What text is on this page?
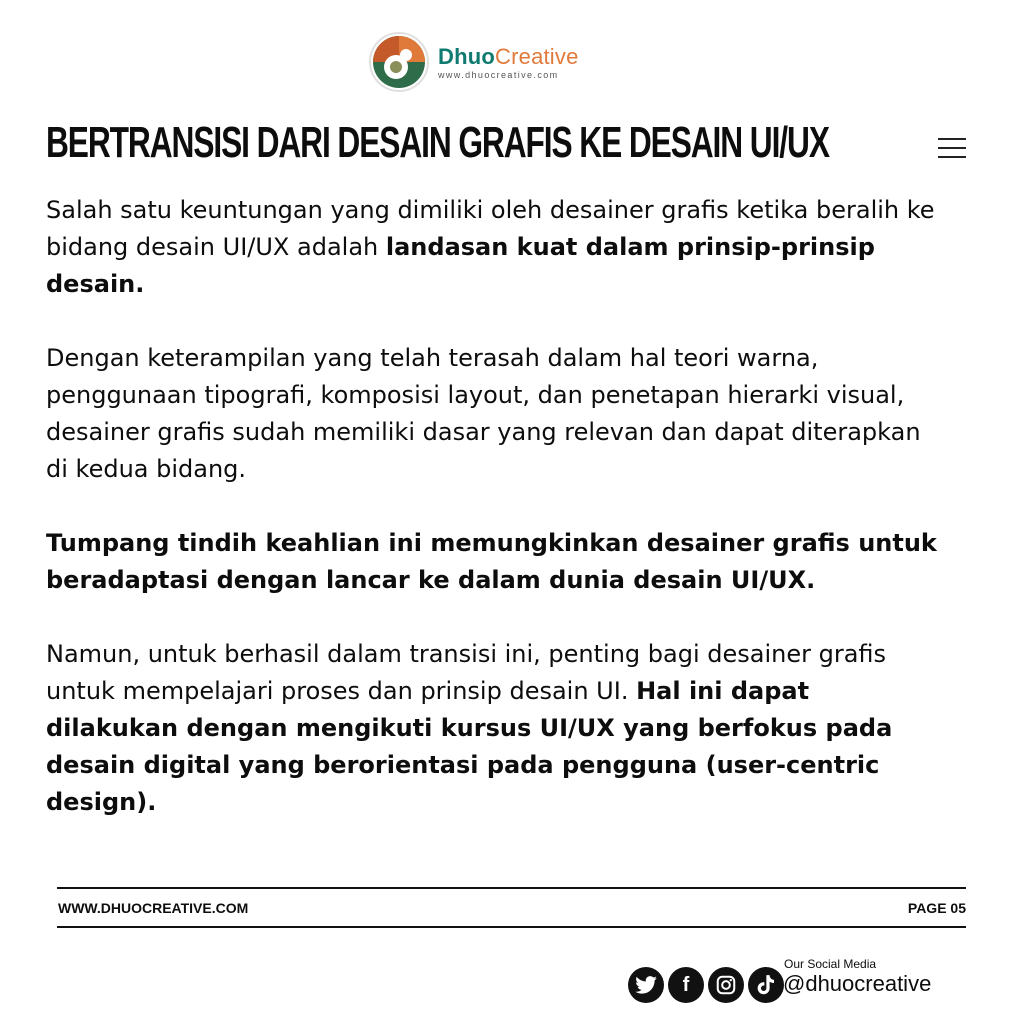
DhuoCreative
www.dhuocreative.com
BERTRANSISI DARI DESAIN GRAFIS KE DESAIN UI/UX

Salah satu keuntungan yang dimiliki oleh desainer grafis ketika beralih ke bidang desain UI/UX adalah landasan kuat dalam prinsip-prinsip desain.

Dengan keterampilan yang telah terasah dalam hal teori warna, penggunaan tipografi, komposisi layout, dan penetapan hierarki visual, desainer grafis sudah memiliki dasar yang relevan dan dapat diterapkan di kedua bidang.

Tumpang tindih keahlian ini memungkinkan desainer grafis untuk beradaptasi dengan lancar ke dalam dunia desain UI/UX.

Namun, untuk berhasil dalam transisi ini, penting bagi desainer grafis untuk mempelajari proses dan prinsip desain UI. Hal ini dapat dilakukan dengan mengikuti kursus UI/UX yang berfokus pada desain digital yang berorientasi pada pengguna (user-centric design).

WWW.DHUOCREATIVE.COM	PAGE 05
f
Our Social Media
@dhuocreative
